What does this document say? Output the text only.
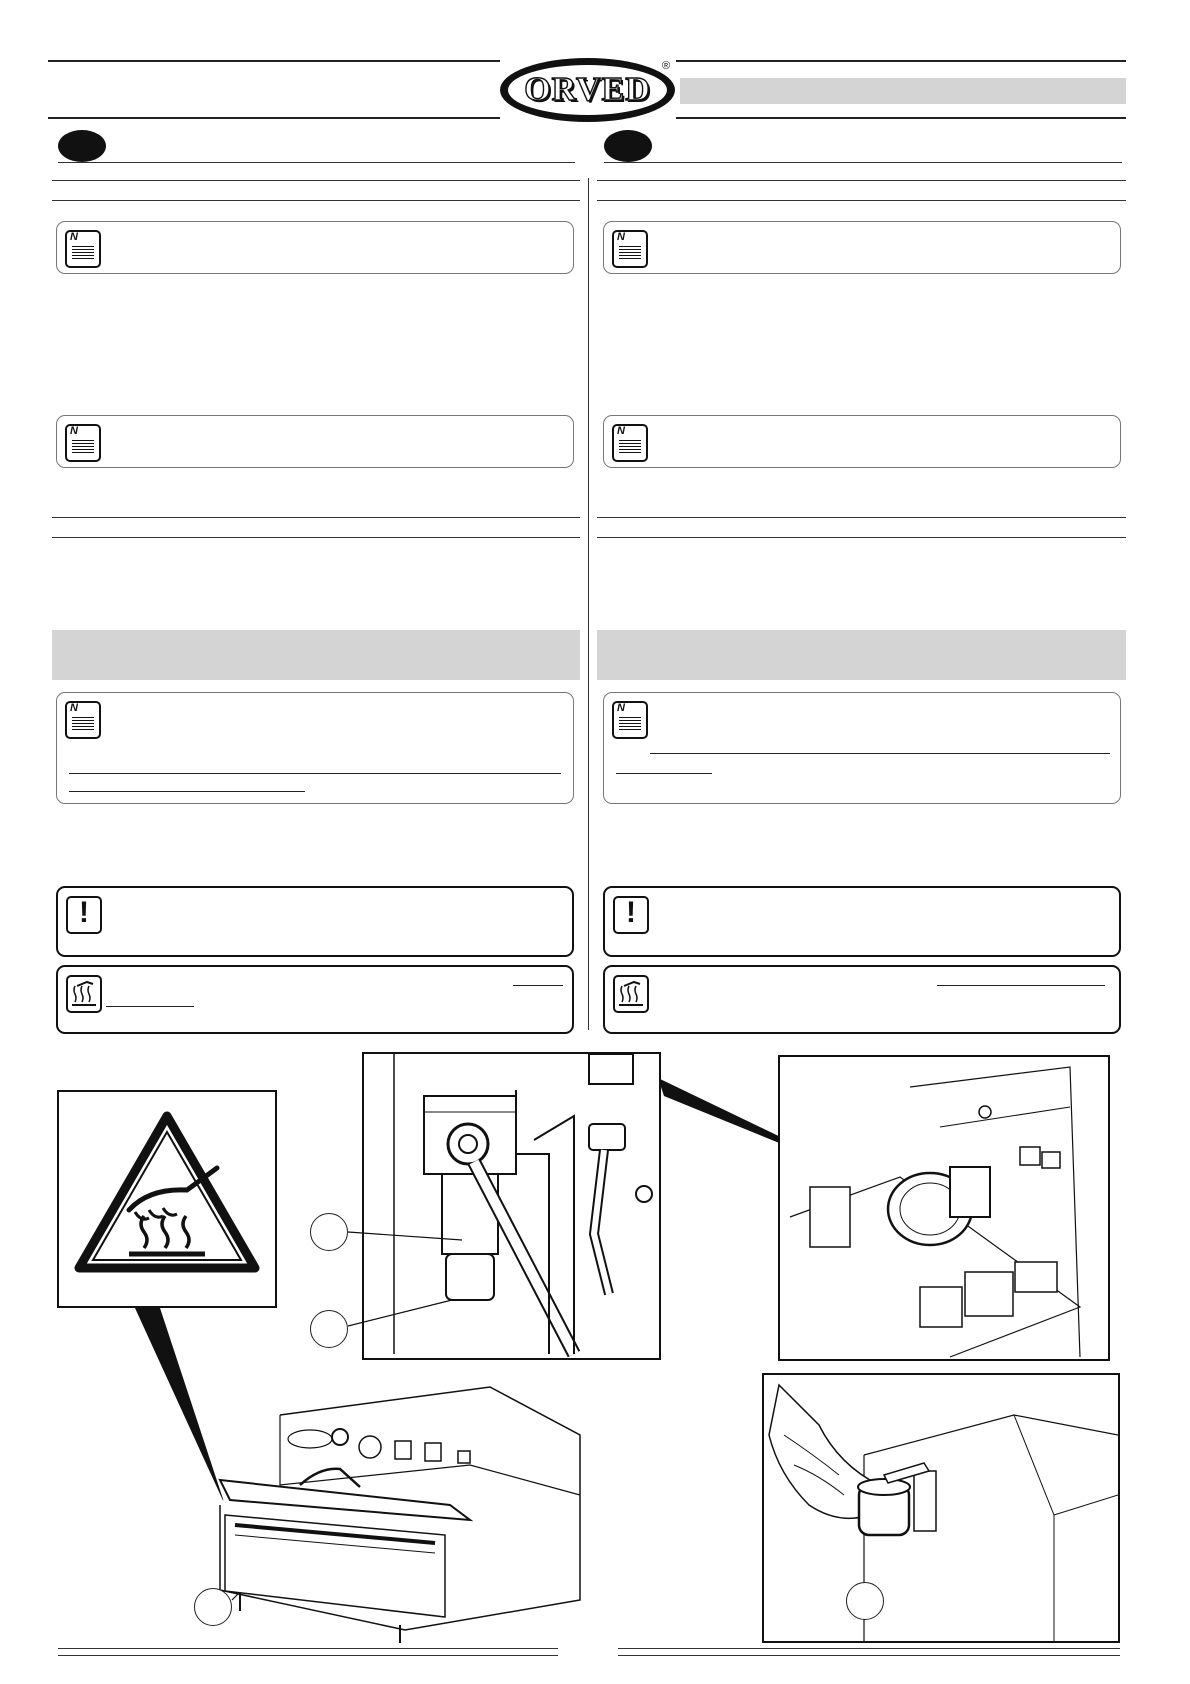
ORVED
®
N
N
N
!
N
N
N
!
